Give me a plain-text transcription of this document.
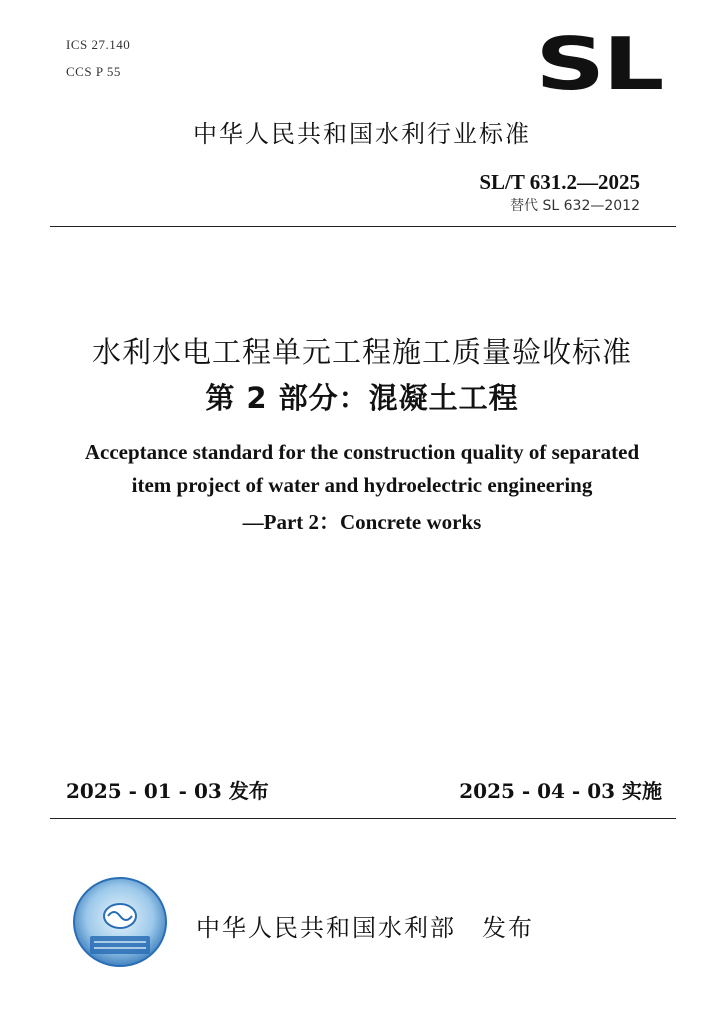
ICS 27.140
CCS P 55	SL
中华人民共和国水利行业标准
SL/T 631.2—2025
替代 SL 632—2012
水利水电工程单元工程施工质量验收标准
第 2 部分：混凝土工程
Acceptance standard for the construction quality of separated
item project of water and hydroelectric engineering
—Part 2：Concrete works
2025 - 01 - 03 发布	2025 - 04 - 03 实施
中华人民共和国水利部　发布
